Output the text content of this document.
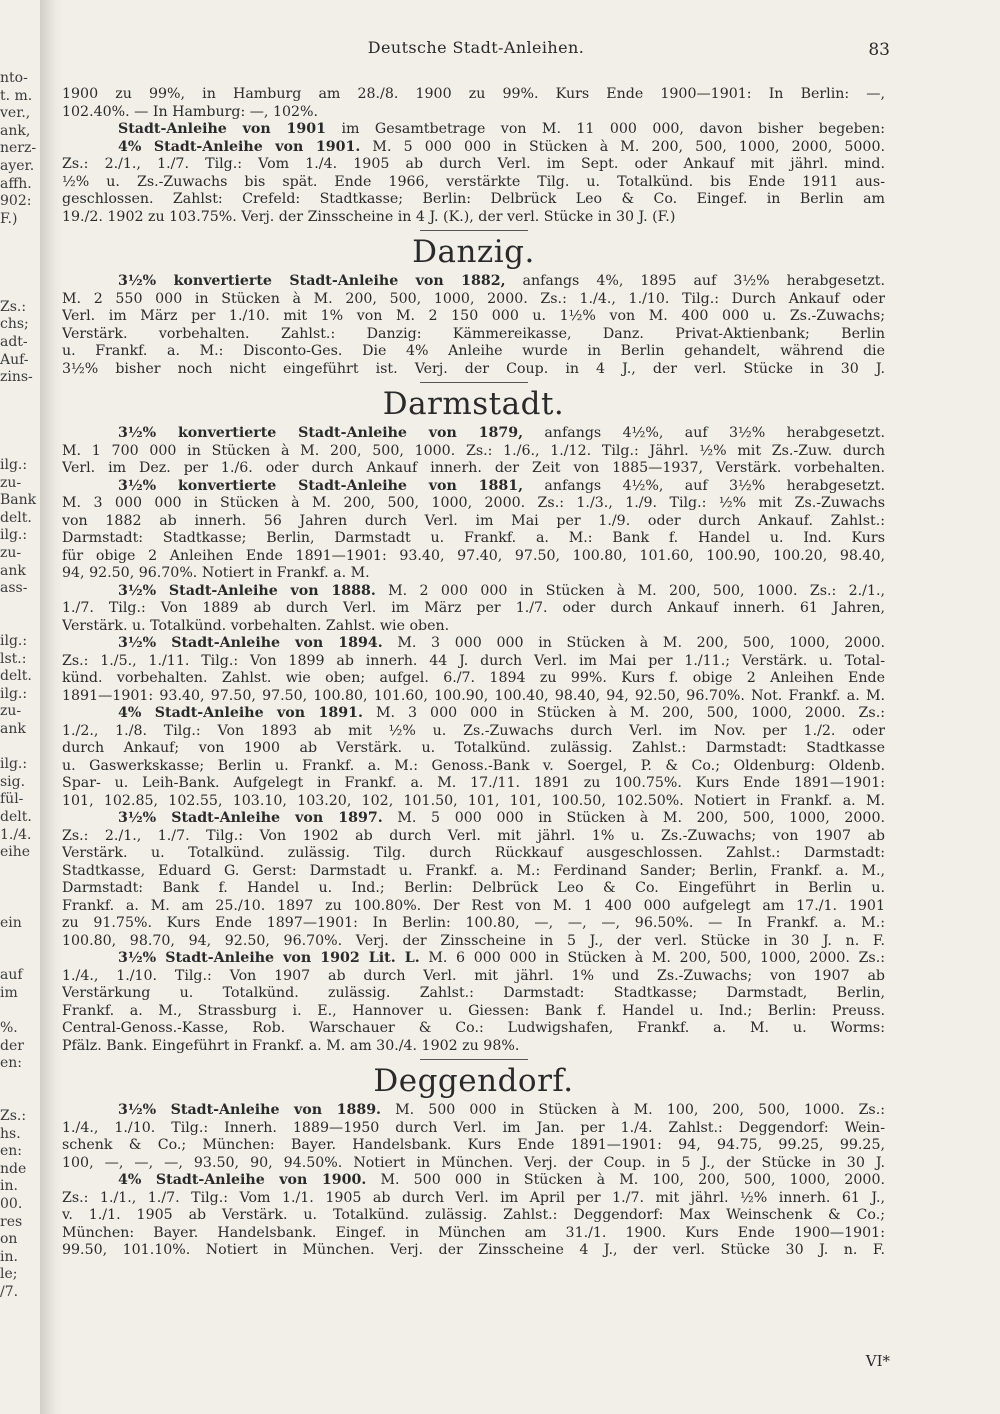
nto-
t. m.
ver.,
ank,
nerz-
ayer.
affh.
902:
F.)
Zs.:
chs;
adt-
Auf-
zins-
ilg.:
zu-
Bank
delt.
ilg.:
zu-
ank
ass-
ilg.:
lst.:
delt.
ilg.:
zu-
ank
ilg.:
sig.
fül-
delt.
1./4.
eihe
ein
auf
im
%.
der
en:
Zs.:
hs.
en:
nde
in.
00.
res
on
in.
le;
/7.
Deutsche Stadt-Anleihen.	83
1900 zu 99%, in Hamburg am 28./8. 1900 zu 99%. Kurs Ende 1900—1901: In Berlin: —,
102.40%. — In Hamburg: —, 102%.
Stadt-Anleihe von 1901 im Gesamtbetrage von M. 11 000 000, davon bisher begeben:
4% Stadt-Anleihe von 1901. M. 5 000 000 in Stücken à M. 200, 500, 1000, 2000, 5000.
Zs.: 2./1., 1./7. Tilg.: Vom 1./4. 1905 ab durch Verl. im Sept. oder Ankauf mit jährl. mind.
½% u. Zs.-Zuwachs bis spät. Ende 1966, verstärkte Tilg. u. Totalkünd. bis Ende 1911 aus-
geschlossen. Zahlst: Crefeld: Stadtkasse; Berlin: Delbrück Leo & Co. Eingef. in Berlin am
19./2. 1902 zu 103.75%. Verj. der Zinsscheine in 4 J. (K.), der verl. Stücke in 30 J. (F.)
Danzig.
3½% konvertierte Stadt-Anleihe von 1882, anfangs 4%, 1895 auf 3½% herabgesetzt.
M. 2 550 000 in Stücken à M. 200, 500, 1000, 2000. Zs.: 1./4., 1./10. Tilg.: Durch Ankauf oder
Verl. im März per 1./10. mit 1% von M. 2 150 000 u. 1½% von M. 400 000 u. Zs.-Zuwachs;
Verstärk. vorbehalten. Zahlst.: Danzig: Kämmereikasse, Danz. Privat-Aktienbank; Berlin
u. Frankf. a. M.: Disconto-Ges. Die 4% Anleihe wurde in Berlin gehandelt, während die
3½% bisher noch nicht eingeführt ist. Verj. der Coup. in 4 J., der verl. Stücke in 30 J.
Darmstadt.
3½% konvertierte Stadt-Anleihe von 1879, anfangs 4½%, auf 3½% herabgesetzt.
M. 1 700 000 in Stücken à M. 200, 500, 1000. Zs.: 1./6., 1./12. Tilg.: Jährl. ½% mit Zs.-Zuw. durch
Verl. im Dez. per 1./6. oder durch Ankauf innerh. der Zeit von 1885—1937, Verstärk. vorbehalten.
3½% konvertierte Stadt-Anleihe von 1881, anfangs 4½%, auf 3½% herabgesetzt.
M. 3 000 000 in Stücken à M. 200, 500, 1000, 2000. Zs.: 1./3., 1./9. Tilg.: ½% mit Zs.-Zuwachs
von 1882 ab innerh. 56 Jahren durch Verl. im Mai per 1./9. oder durch Ankauf. Zahlst.:
Darmstadt: Stadtkasse; Berlin, Darmstadt u. Frankf. a. M.: Bank f. Handel u. Ind. Kurs
für obige 2 Anleihen Ende 1891—1901: 93.40, 97.40, 97.50, 100.80, 101.60, 100.90, 100.20, 98.40,
94, 92.50, 96.70%. Notiert in Frankf. a. M.
3½% Stadt-Anleihe von 1888. M. 2 000 000 in Stücken à M. 200, 500, 1000. Zs.: 2./1.,
1./7. Tilg.: Von 1889 ab durch Verl. im März per 1./7. oder durch Ankauf innerh. 61 Jahren,
Verstärk. u. Totalkünd. vorbehalten. Zahlst. wie oben.
3½% Stadt-Anleihe von 1894. M. 3 000 000 in Stücken à M. 200, 500, 1000, 2000.
Zs.: 1./5., 1./11. Tilg.: Von 1899 ab innerh. 44 J. durch Verl. im Mai per 1./11.; Verstärk. u. Total-
künd. vorbehalten. Zahlst. wie oben; aufgel. 6./7. 1894 zu 99%. Kurs f. obige 2 Anleihen Ende
1891—1901: 93.40, 97.50, 97.50, 100.80, 101.60, 100.90, 100.40, 98.40, 94, 92.50, 96.70%. Not. Frankf. a. M.
4% Stadt-Anleihe von 1891. M. 3 000 000 in Stücken à M. 200, 500, 1000, 2000. Zs.:
1./2., 1./8. Tilg.: Von 1893 ab mit ½% u. Zs.-Zuwachs durch Verl. im Nov. per 1./2. oder
durch Ankauf; von 1900 ab Verstärk. u. Totalkünd. zulässig. Zahlst.: Darmstadt: Stadtkasse
u. Gaswerkskasse; Berlin u. Frankf. a. M.: Genoss.-Bank v. Soergel, P. & Co.; Oldenburg: Oldenb.
Spar- u. Leih-Bank. Aufgelegt in Frankf. a. M. 17./11. 1891 zu 100.75%. Kurs Ende 1891—1901:
101, 102.85, 102.55, 103.10, 103.20, 102, 101.50, 101, 101, 100.50, 102.50%. Notiert in Frankf. a. M.
3½% Stadt-Anleihe von 1897. M. 5 000 000 in Stücken à M. 200, 500, 1000, 2000.
Zs.: 2./1., 1./7. Tilg.: Von 1902 ab durch Verl. mit jährl. 1% u. Zs.-Zuwachs; von 1907 ab
Verstärk. u. Totalkünd. zulässig. Tilg. durch Rückkauf ausgeschlossen. Zahlst.: Darmstadt:
Stadtkasse, Eduard G. Gerst: Darmstadt u. Frankf. a. M.: Ferdinand Sander; Berlin, Frankf. a. M.,
Darmstadt: Bank f. Handel u. Ind.; Berlin: Delbrück Leo & Co. Eingeführt in Berlin u.
Frankf. a. M. am 25./10. 1897 zu 100.80%. Der Rest von M. 1 400 000 aufgelegt am 17./1. 1901
zu 91.75%. Kurs Ende 1897—1901: In Berlin: 100.80, —, —, —, 96.50%. — In Frankf. a. M.:
100.80, 98.70, 94, 92.50, 96.70%. Verj. der Zinsscheine in 5 J., der verl. Stücke in 30 J. n. F.
3½% Stadt-Anleihe von 1902 Lit. L. M. 6 000 000 in Stücken à M. 200, 500, 1000, 2000. Zs.:
1./4., 1./10. Tilg.: Von 1907 ab durch Verl. mit jährl. 1% und Zs.-Zuwachs; von 1907 ab
Verstärkung u. Totalkünd. zulässig. Zahlst.: Darmstadt: Stadtkasse; Darmstadt, Berlin,
Frankf. a. M., Strassburg i. E., Hannover u. Giessen: Bank f. Handel u. Ind.; Berlin: Preuss.
Central-Genoss.-Kasse, Rob. Warschauer & Co.: Ludwigshafen, Frankf. a. M. u. Worms:
Pfälz. Bank. Eingeführt in Frankf. a. M. am 30./4. 1902 zu 98%.
Deggendorf.
3½% Stadt-Anleihe von 1889. M. 500 000 in Stücken à M. 100, 200, 500, 1000. Zs.:
1./4., 1./10. Tilg.: Innerh. 1889—1950 durch Verl. im Jan. per 1./4. Zahlst.: Deggendorf: Wein-
schenk & Co.; München: Bayer. Handelsbank. Kurs Ende 1891—1901: 94, 94.75, 99.25, 99.25,
100, —, —, —, 93.50, 90, 94.50%. Notiert in München. Verj. der Coup. in 5 J., der Stücke in 30 J.
4% Stadt-Anleihe von 1900. M. 500 000 in Stücken à M. 100, 200, 500, 1000, 2000.
Zs.: 1./1., 1./7. Tilg.: Vom 1./1. 1905 ab durch Verl. im April per 1./7. mit jährl. ½% innerh. 61 J.,
v. 1./1. 1905 ab Verstärk. u. Totalkünd. zulässig. Zahlst.: Deggendorf: Max Weinschenk & Co.;
München: Bayer. Handelsbank. Eingef. in München am 31./1. 1900. Kurs Ende 1900—1901:
99.50, 101.10%. Notiert in München. Verj. der Zinsscheine 4 J., der verl. Stücke 30 J. n. F.
VI*
